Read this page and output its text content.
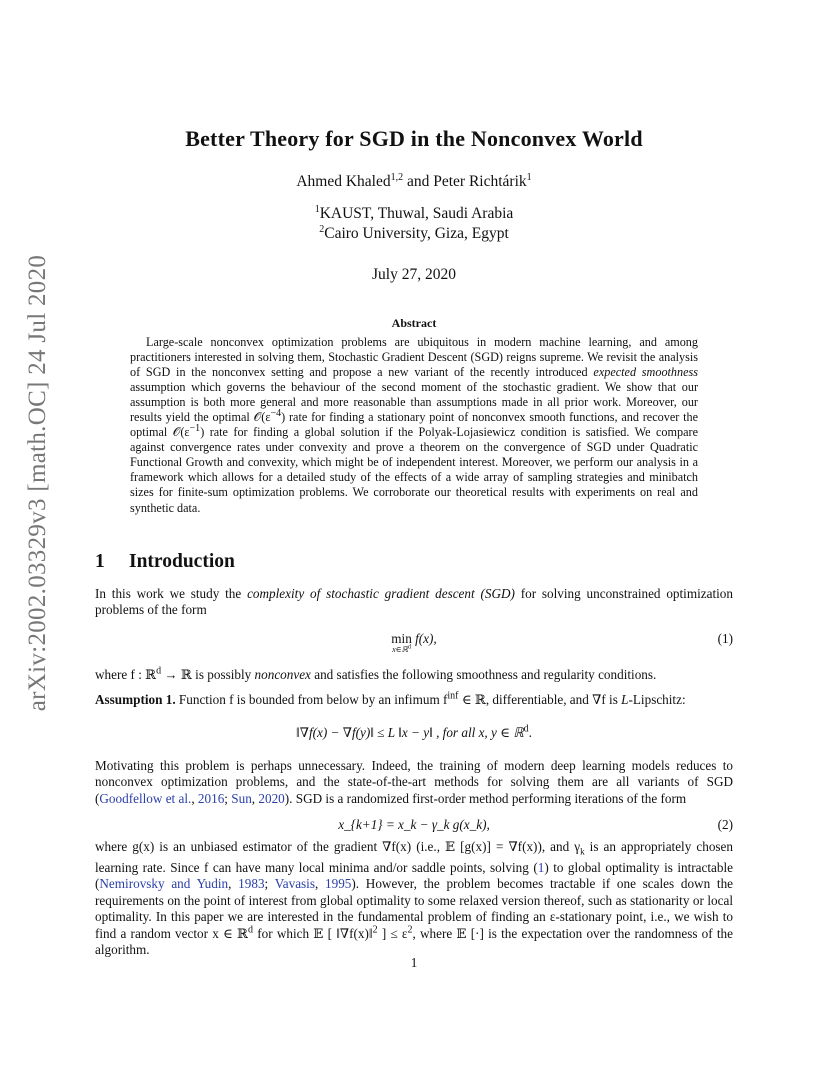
arXiv:2002.03329v3 [math.OC] 24 Jul 2020
Better Theory for SGD in the Nonconvex World
Ahmed Khaled$^{1,2}$ and Peter Richtárik$^1$
$^1$KAUST, Thuwal, Saudi Arabia
$^2$Cairo University, Giza, Egypt
July 27, 2020
Abstract

Large-scale nonconvex optimization problems are ubiquitous in modern machine learning, and among practitioners interested in solving them, Stochastic Gradient Descent (SGD) reigns supreme. We revisit the analysis of SGD in the nonconvex setting and propose a new variant of the recently introduced expected smoothness assumption which governs the behaviour of the second moment of the stochastic gradient. We show that our assumption is both more general and more reasonable than assumptions made in all prior work. Moreover, our results yield the optimal $𝒪(\varepsilon^{-4})$ rate for finding a stationary point of nonconvex smooth functions, and recover the optimal $𝒪(\varepsilon^{-1})$ rate for finding a global solution if the Polyak-Lojasiewicz condition is satisfied. We compare against convergence rates under convexity and prove a theorem on the convergence of SGD under Quadratic Functional Growth and convexity, which might be of independent interest. Moreover, we perform our analysis in a framework which allows for a detailed study of the effects of a wide array of sampling strategies and minibatch sizes for finite-sum optimization problems. We corroborate our theoretical results with experiments on real and synthetic data.

1 Introduction

In this work we study the complexity of stochastic gradient descent (SGD) for solving unconstrained optimization problems of the form

min
x∈ℝ$^d$
f(x),	(1)

where f : ℝ$^d$ → ℝ is possibly nonconvex and satisfies the following smoothness and regularity conditions.

Assumption 1. Function f is bounded from below by an infimum $f^{inf}$ ∈ ℝ, differentiable, and ∇f is L-Lipschitz:

‖∇f(x) − ∇f(y)‖ ≤ L ‖x − y‖ , for all x, y ∈ ℝ$^d$.

Motivating this problem is perhaps unnecessary. Indeed, the training of modern deep learning models reduces to nonconvex optimization problems, and the state-of-the-art methods for solving them are all variants of SGD (Goodfellow et al., 2016; Sun, 2020). SGD is a randomized first-order method performing iterations of the form

x_{k+1} = x_k − γ_k g(x_k),	(2)

where g(x) is an unbiased estimator of the gradient ∇f(x) (i.e., 𝔼 [g(x)] = ∇f(x)), and $\gamma_k$ is an appropriately chosen learning rate. Since f can have many local minima and/or saddle points, solving (1) to global optimality is intractable (Nemirovsky and Yudin, 1983; Vavasis, 1995). However, the problem becomes tractable if one scales down the requirements on the point of interest from global optimality to some relaxed version thereof, such as stationarity or local optimality. In this paper we are interested in the fundamental problem of finding an ε-stationary point, i.e., we wish to find a random vector x ∈ ℝ$^d$ for which 𝔼 [ ‖∇f(x)‖$^2$ ] ≤ $\varepsilon^2$, where 𝔼 [·] is the expectation over the randomness of the algorithm.

1
